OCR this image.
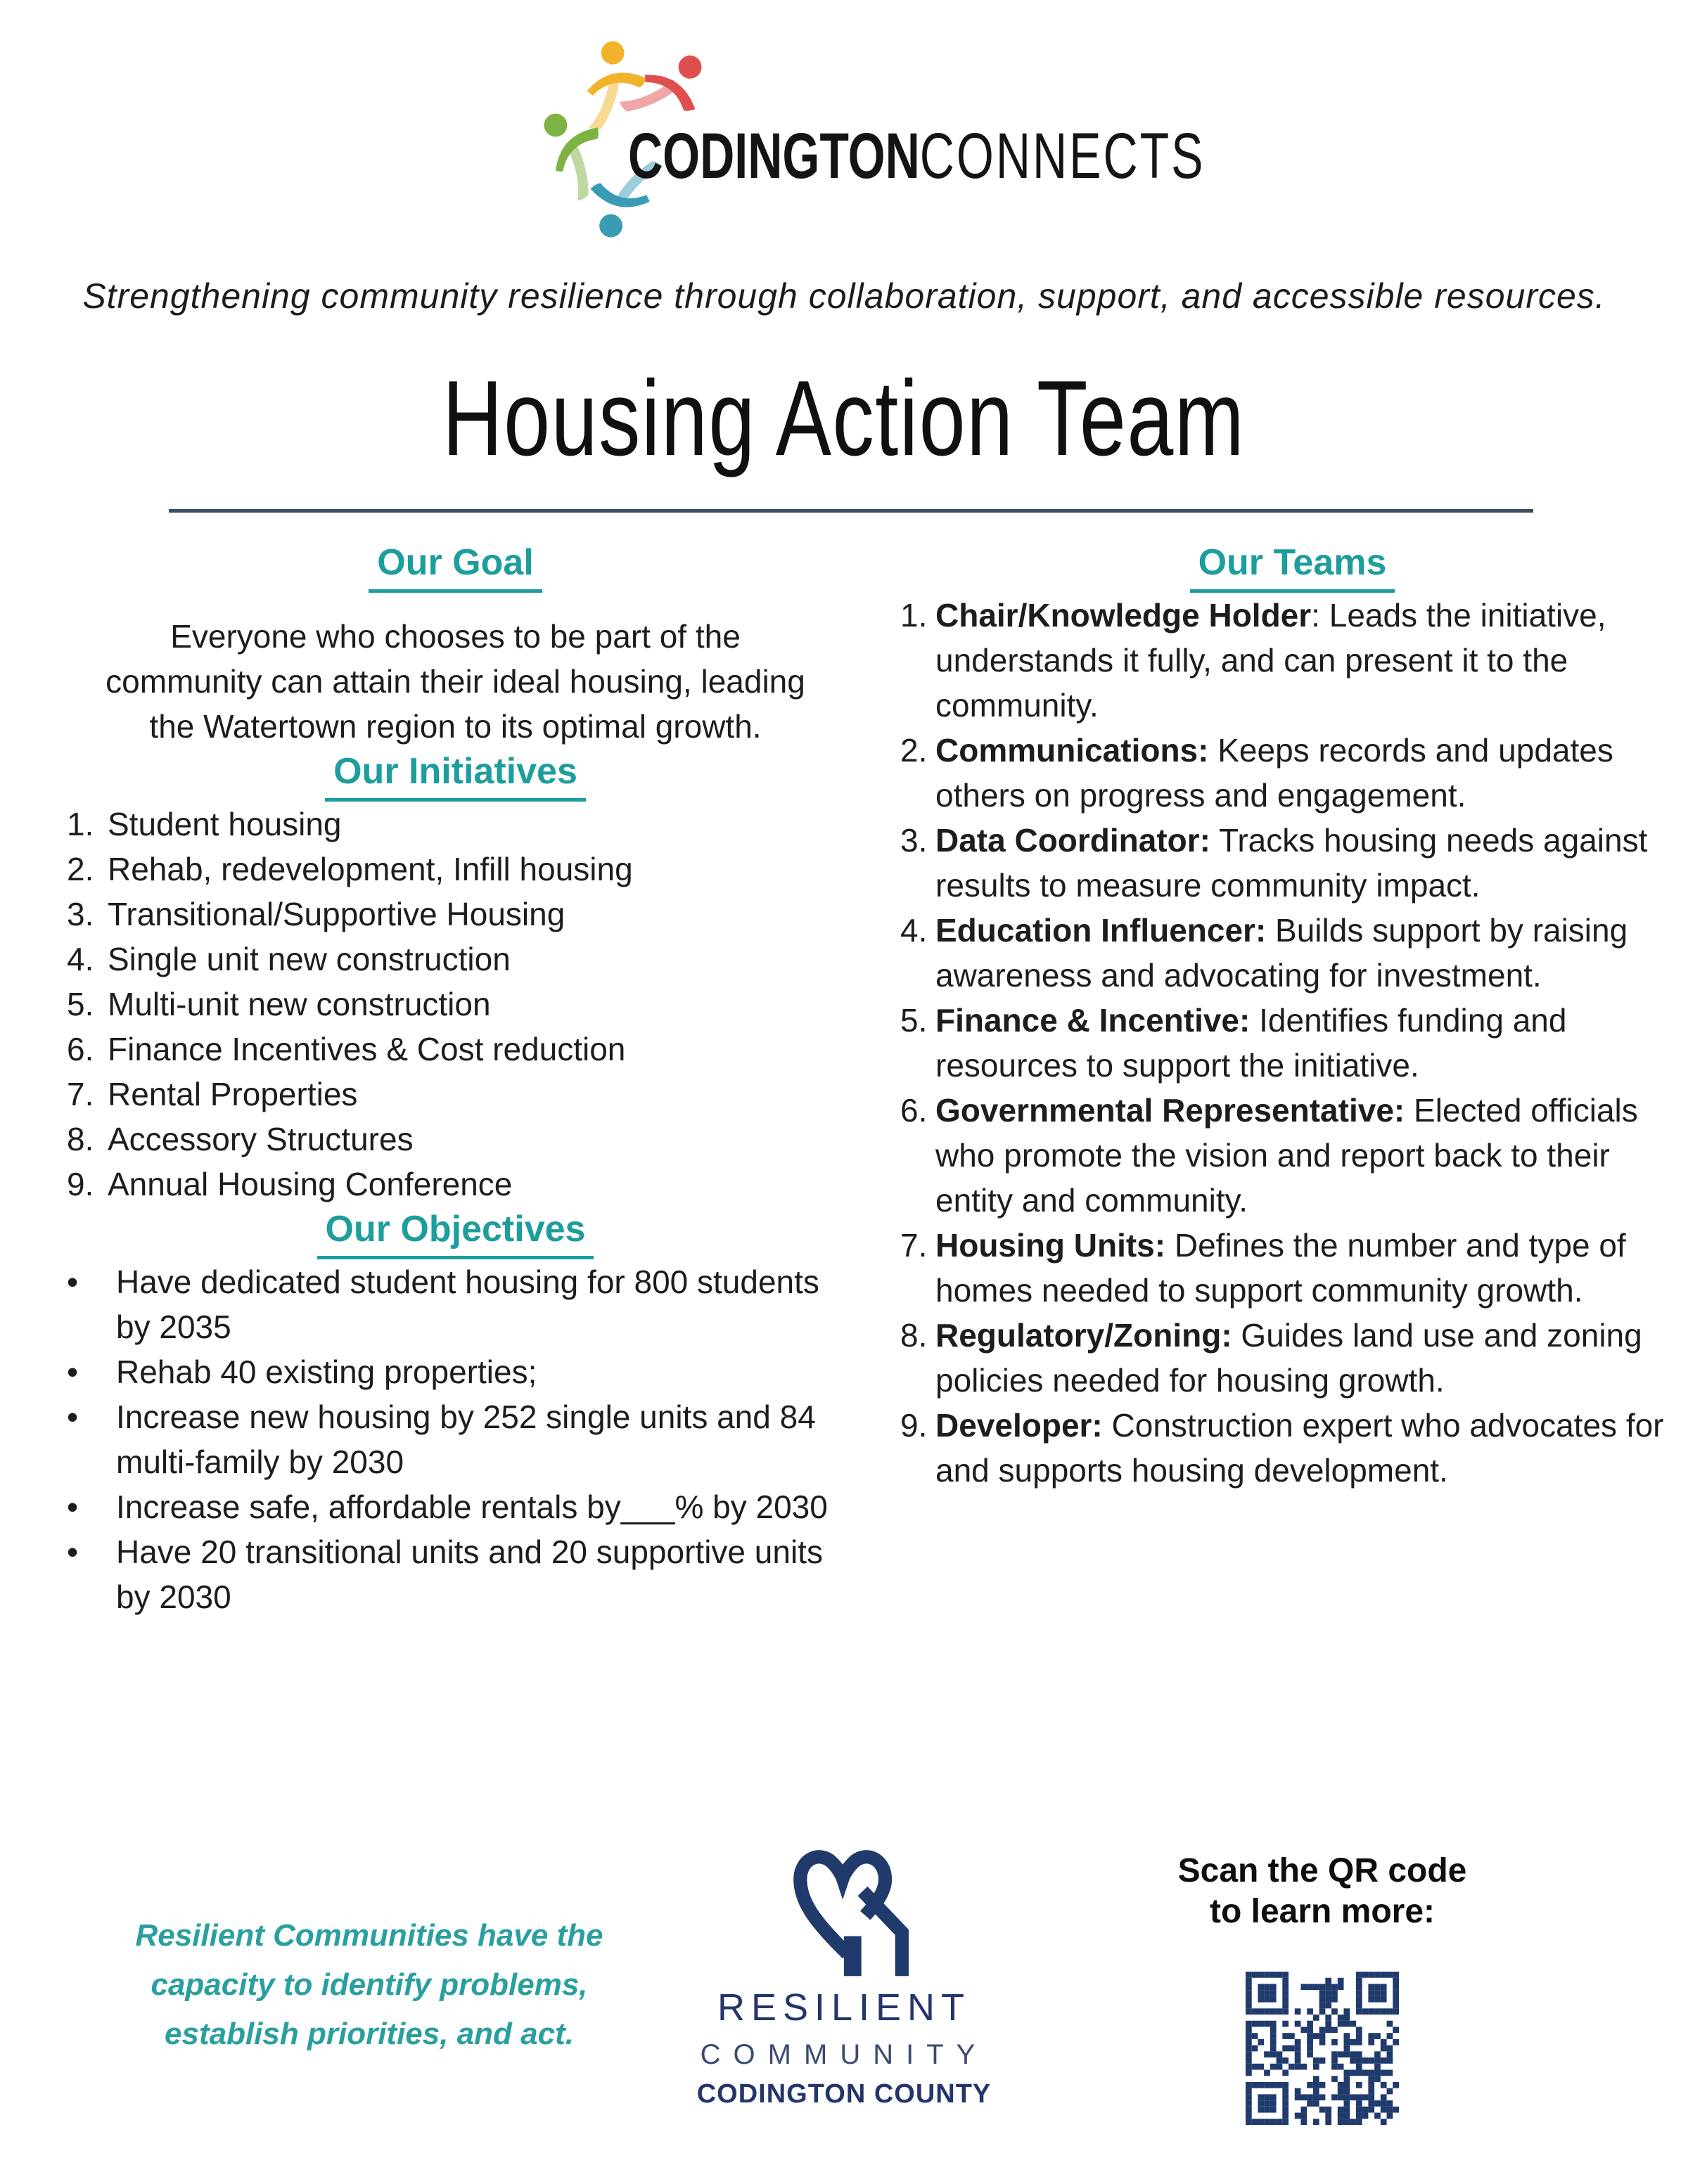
CODINGTONCONNECTS
Strengthening community resilience through collaboration, support, and accessible resources.
Housing Action Team
Our Goal

Everyone who chooses to be part of the community can attain their ideal housing, leading the Watertown region to its optimal growth.

Our Initiatives
1. Student housing
2. Rehab, redevelopment, Infill housing
3. Transitional/Supportive Housing
4. Single unit new construction
5. Multi-unit new construction
6. Finance Incentives & Cost reduction
7. Rental Properties
8. Accessory Structures
9. Annual Housing Conference
Our Objectives
• Have dedicated student housing for 800 students by 2035
• Rehab 40 existing properties;
• Increase new housing by 252 single units and 84 multi-family by 2030
• Increase safe, affordable rentals by___% by 2030
• Have 20 transitional units and 20 supportive units by 2030
Our Teams
1. Chair/Knowledge Holder: Leads the initiative, understands it fully, and can present it to the community.
2. Communications: Keeps records and updates others on progress and engagement.
3. Data Coordinator: Tracks housing needs against results to measure community impact.
4. Education Influencer: Builds support by raising awareness and advocating for investment.
5. Finance & Incentive: Identifies funding and resources to support the initiative.
6. Governmental Representative: Elected officials who promote the vision and report back to their entity and community.
7. Housing Units: Defines the number and type of homes needed to support community growth.
8. Regulatory/Zoning: Guides land use and zoning policies needed for housing growth.
9. Developer: Construction expert who advocates for and supports housing development.
Resilient Communities have the
capacity to identify problems,
establish priorities, and act.
RESILIENT
COMMUNITY
CODINGTON COUNTY
Scan the QR code
to learn more:
